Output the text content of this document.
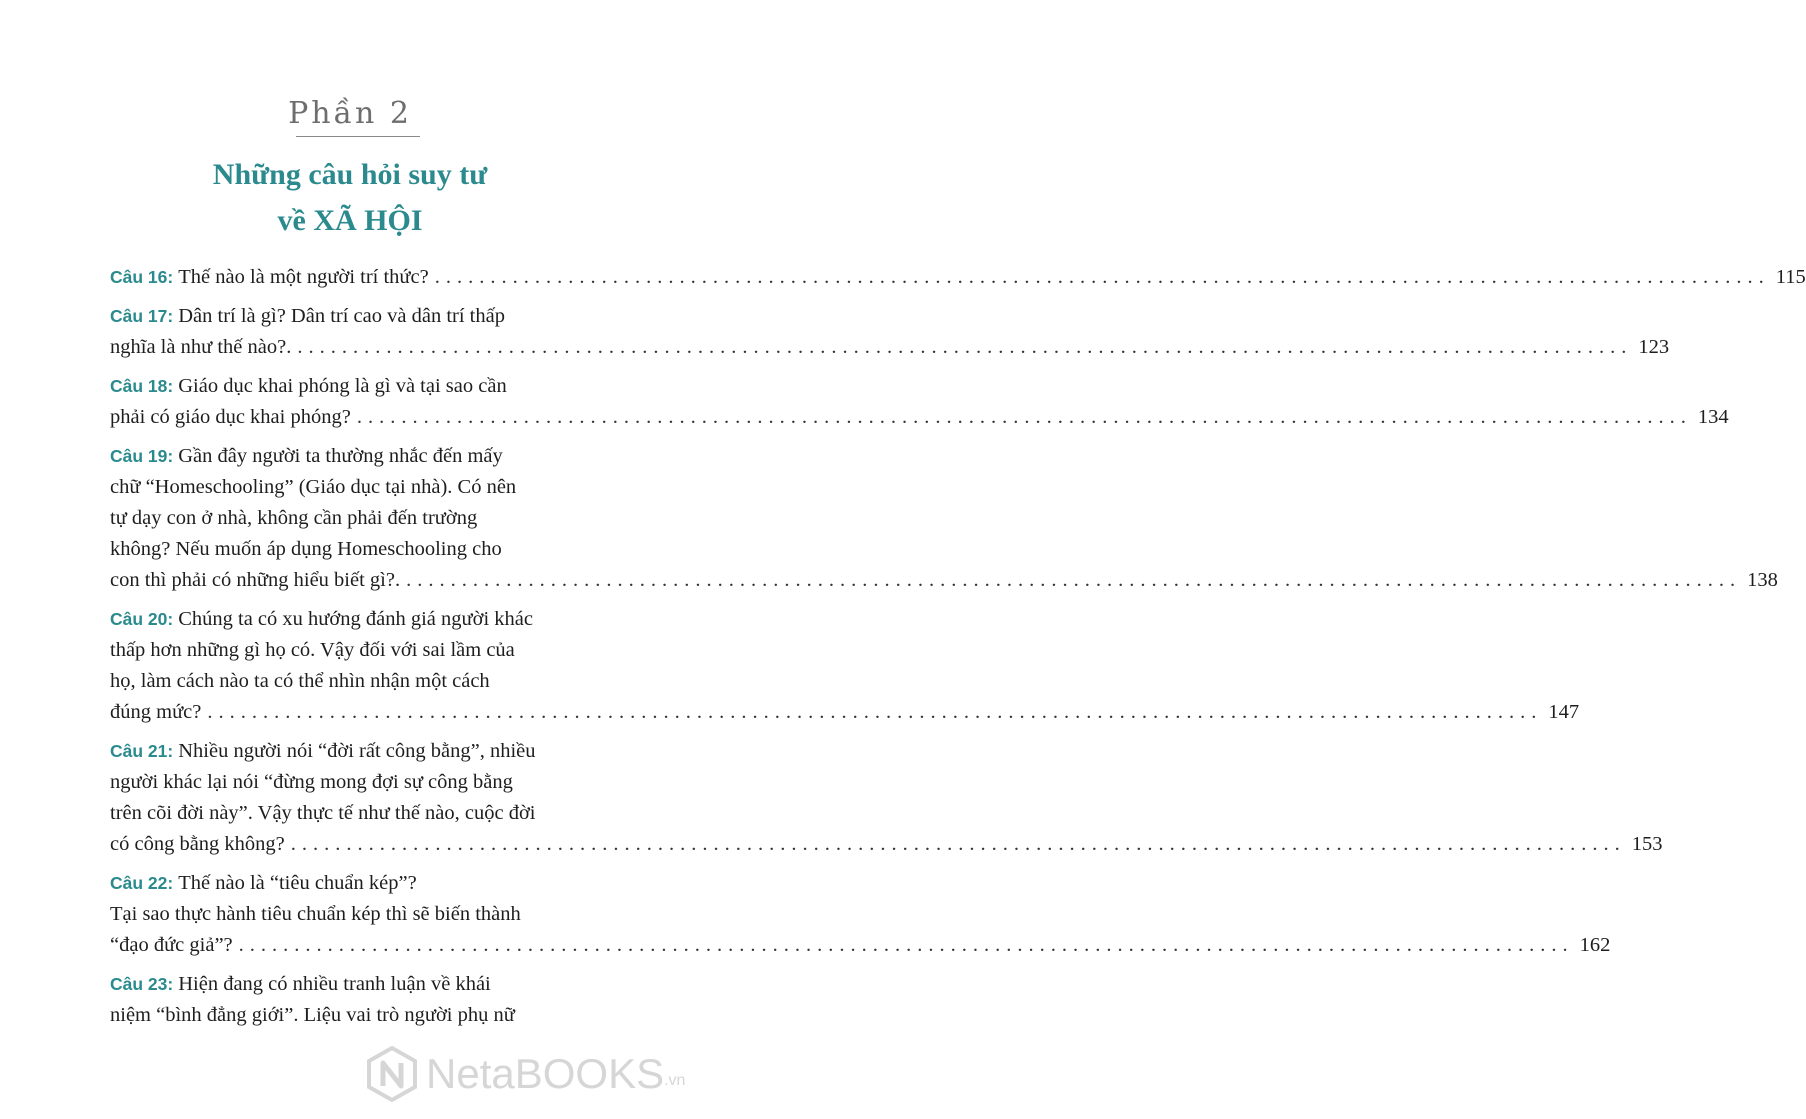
Phần 2
Những câu hỏi suy tư
về XÃ HỘI
Câu 16: Thế nào là một người trí thức? ........................................................................................................................ 115
Câu 17: Dân trí là gì? Dân trí cao và dân trí thấp
nghĩa là như thế nào?. ........................................................................................................................ 123
Câu 18: Giáo dục khai phóng là gì và tại sao cần
phải có giáo dục khai phóng? ........................................................................................................................ 134
Câu 19: Gần đây người ta thường nhắc đến mấy
chữ “Homeschooling” (Giáo dục tại nhà). Có nên
tự dạy con ở nhà, không cần phải đến trường
không? Nếu muốn áp dụng Homeschooling cho
con thì phải có những hiểu biết gì?. ........................................................................................................................ 138
Câu 20: Chúng ta có xu hướng đánh giá người khác
thấp hơn những gì họ có. Vậy đối với sai lầm của
họ, làm cách nào ta có thể nhìn nhận một cách
đúng mức? ........................................................................................................................ 147
Câu 21: Nhiều người nói “đời rất công bằng”, nhiều
người khác lại nói “đừng mong đợi sự công bằng
trên cõi đời này”. Vậy thực tế như thế nào, cuộc đời
có công bằng không? ........................................................................................................................ 153
Câu 22: Thế nào là “tiêu chuẩn kép”?
Tại sao thực hành tiêu chuẩn kép thì sẽ biến thành
“đạo đức giả”? ........................................................................................................................ 162
Câu 23: Hiện đang có nhiều tranh luận về khái
niệm “bình đẳng giới”. Liệu vai trò người phụ nữ
NetaBOOKS .vn
